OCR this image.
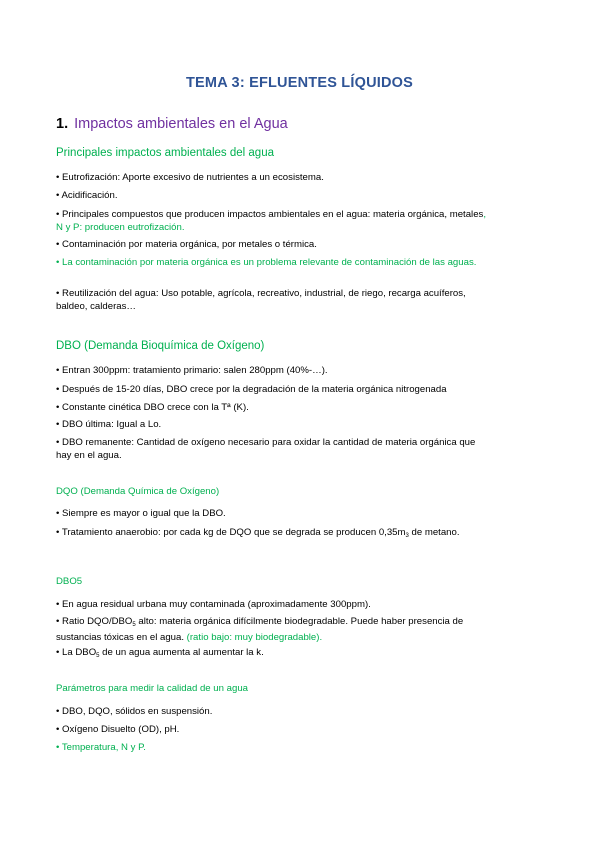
TEMA 3: EFLUENTES LÍQUIDOS
1. Impactos ambientales en el Agua
Principales impactos ambientales del agua
• Eutrofización: Aporte excesivo de nutrientes a un ecosistema.
• Acidificación.
• Principales compuestos que producen impactos ambientales en el agua: materia orgánica, metales, N y P: producen eutrofización.
• Contaminación por materia orgánica, por metales o térmica.
• La contaminación por materia orgánica es un problema relevante de contaminación de las aguas.
• Reutilización del agua: Uso potable, agrícola, recreativo, industrial, de riego, recarga acuíferos, baldeo, calderas…
DBO (Demanda Bioquímica de Oxígeno)
• Entran 300ppm: tratamiento primario: salen 280ppm (40%-…).
• Después de 15-20 días, DBO crece por la degradación de la materia orgánica nitrogenada
• Constante cinética DBO crece con la Tª (K).
• DBO última: Igual a Lo.
• DBO remanente: Cantidad de oxígeno necesario para oxidar la cantidad de materia orgánica que hay en el agua.
DQO (Demanda Química de Oxígeno)
• Siempre es mayor o igual que la DBO.
• Tratamiento anaerobio: por cada kg de DQO que se degrada se producen $0,35m_3$ de metano.
DBO5
• En agua residual urbana muy contaminada (aproximadamente 300ppm).
• Ratio DQO/$DBO_5$ alto: materia orgánica difícilmente biodegradable. Puede haber presencia de sustancias tóxicas en el agua. (ratio bajo: muy biodegradable).
• La $DBO_5$ de un agua aumenta al aumentar la k.
Parámetros para medir la calidad de un agua
• DBO, DQO, sólidos en suspensión.
• Oxígeno Disuelto (OD), pH.
• Temperatura, N y P.
